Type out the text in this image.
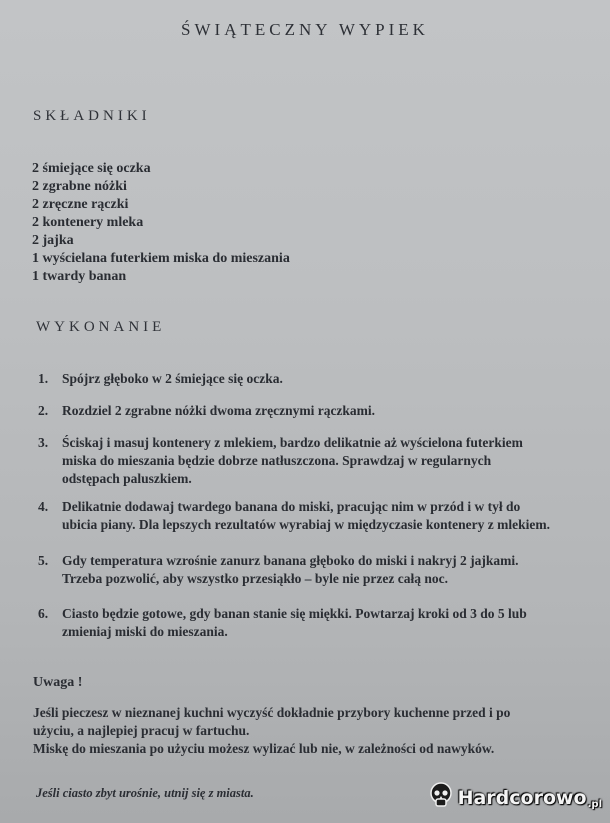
ŚWIĄTECZNY WYPIEK
SKŁADNIKI
2 śmiejące się oczka
2 zgrabne nóżki
2 zręczne rączki
2 kontenery mleka
2 jajka
1 wyścielana futerkiem miska do mieszania
1 twardy banan
WYKONANIE
1. Spójrz głęboko w 2 śmiejące się oczka.
2. Rozdziel 2 zgrabne nóżki dwoma zręcznymi rączkami.
3. Ściskaj i masuj kontenery z mlekiem, bardzo delikatnie aż wyścielona futerkiem
miska do mieszania będzie dobrze natłuszczona. Sprawdzaj w regularnych
odstępach paluszkiem.
4. Delikatnie dodawaj twardego banana do miski, pracując nim w przód i w tył do
ubicia piany. Dla lepszych rezultatów wyrabiaj w międzyczasie kontenery z mlekiem.
5. Gdy temperatura wzrośnie zanurz banana głęboko do miski i nakryj 2 jajkami.
Trzeba pozwolić, aby wszystko przesiąkło – byle nie przez całą noc.
6. Ciasto będzie gotowe, gdy banan stanie się miękki. Powtarzaj kroki od 3 do 5 lub
zmieniaj miski do mieszania.
Uwaga !
Jeśli pieczesz w nieznanej kuchni wyczyść dokładnie przybory kuchenne przed i po
użyciu, a najlepiej pracuj w fartuchu.
Miskę do mieszania po użyciu możesz wylizać lub nie, w zależności od nawyków.
Jeśli ciasto zbyt urośnie, utnij się z miasta.	Hardcorowo .pl
